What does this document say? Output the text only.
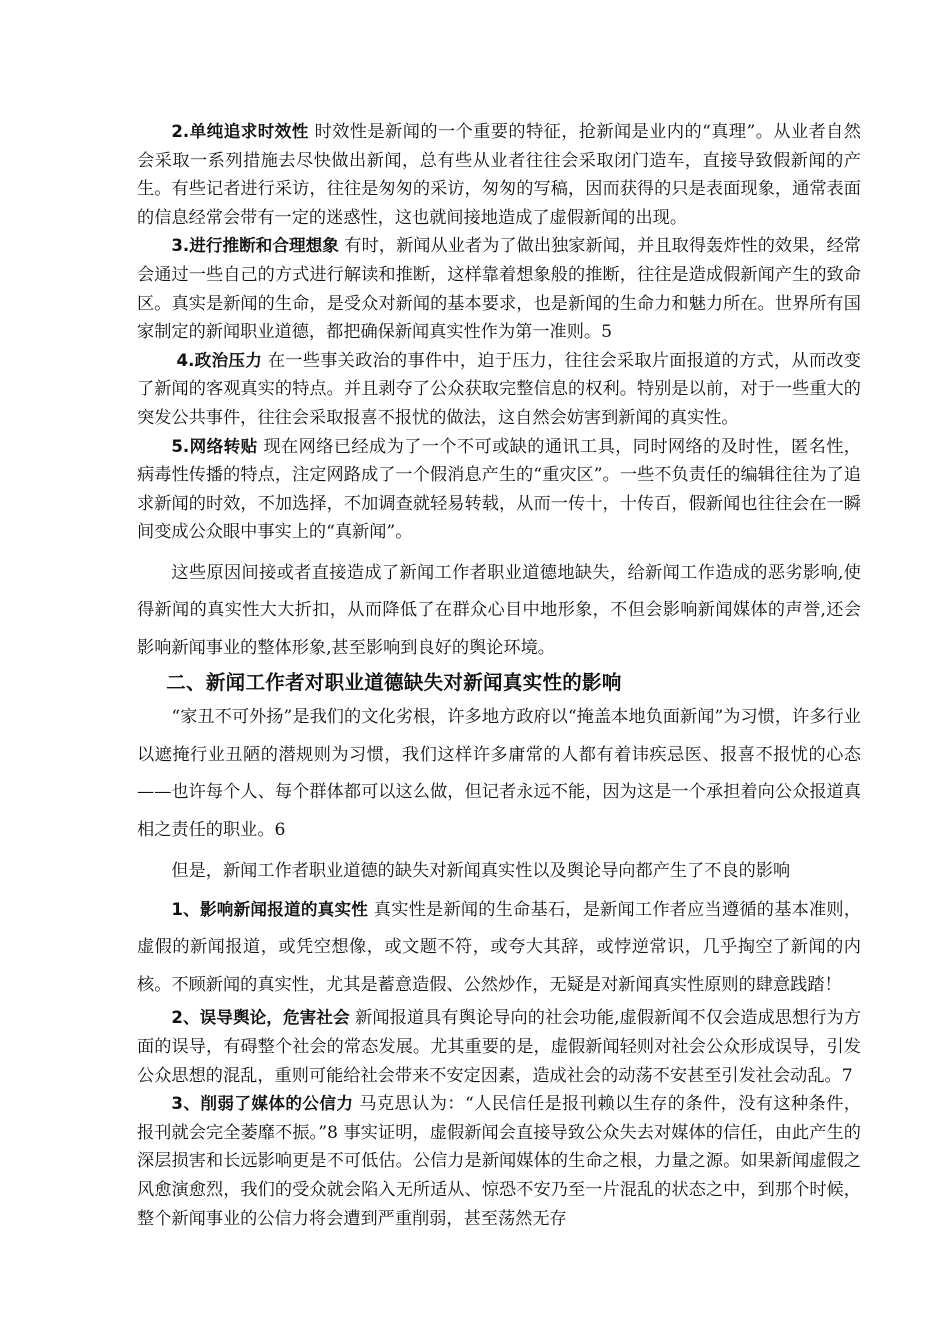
2.单纯追求时效性 时效性是新闻的一个重要的特征，抢新闻是业内的“真理”。从业者自然会采取一系列措施去尽快做出新闻，总有些从业者往往会采取闭门造车，直接导致假新闻的产生。有些记者进行采访，往往是匆匆的采访，匆匆的写稿，因而获得的只是表面现象，通常表面的信息经常会带有一定的迷惑性，这也就间接地造成了虚假新闻的出现。

3.进行推断和合理想象 有时，新闻从业者为了做出独家新闻，并且取得轰炸性的效果，经常会通过一些自己的方式进行解读和推断，这样靠着想象般的推断，往往是造成假新闻产生的致命区。真实是新闻的生命，是受众对新闻的基本要求，也是新闻的生命力和魅力所在。世界所有国家制定的新闻职业道德，都把确保新闻真实性作为第一准则。5

4.政治压力 在一些事关政治的事件中，迫于压力，往往会采取片面报道的方式，从而改变了新闻的客观真实的特点。并且剥夺了公众获取完整信息的权利。特别是以前，对于一些重大的突发公共事件，往往会采取报喜不报忧的做法，这自然会妨害到新闻的真实性。

5.网络转贴 现在网络已经成为了一个不可或缺的通讯工具，同时网络的及时性，匿名性，病毒性传播的特点，注定网路成了一个假消息产生的“重灾区”。一些不负责任的编辑往往为了追求新闻的时效，不加选择，不加调查就轻易转载，从而一传十，十传百，假新闻也往往会在一瞬间变成公众眼中事实上的“真新闻”。

这些原因间接或者直接造成了新闻工作者职业道德地缺失，给新闻工作造成的恶劣影响,使得新闻的真实性大大折扣，从而降低了在群众心目中地形象，不但会影响新闻媒体的声誉,还会影响新闻事业的整体形象,甚至影响到良好的舆论环境。

二、新闻工作者对职业道德缺失对新闻真实性的影响

“家丑不可外扬”是我们的文化劣根，许多地方政府以“掩盖本地负面新闻”为习惯，许多行业以遮掩行业丑陋的潜规则为习惯，我们这样许多庸常的人都有着讳疾忌医、报喜不报忧的心态——也许每个人、每个群体都可以这么做，但记者永远不能，因为这是一个承担着向公众报道真相之责任的职业。6

但是，新闻工作者职业道德的缺失对新闻真实性以及舆论导向都产生了不良的影响

1、影响新闻报道的真实性 真实性是新闻的生命基石，是新闻工作者应当遵循的基本准则，虚假的新闻报道，或凭空想像，或文题不符，或夸大其辞，或悖逆常识，几乎掏空了新闻的内核。不顾新闻的真实性，尤其是蓄意造假、公然炒作，无疑是对新闻真实性原则的肆意践踏！

2、误导舆论，危害社会 新闻报道具有舆论导向的社会功能,虚假新闻不仅会造成思想行为方面的误导，有碍整个社会的常态发展。尤其重要的是，虚假新闻轻则对社会公众形成误导，引发公众思想的混乱，重则可能给社会带来不安定因素，造成社会的动荡不安甚至引发社会动乱。7

3、削弱了媒体的公信力 马克思认为：“人民信任是报刊赖以生存的条件，没有这种条件，报刊就会完全萎靡不振。”8 事实证明，虚假新闻会直接导致公众失去对媒体的信任，由此产生的深层损害和长远影响更是不可低估。公信力是新闻媒体的生命之根，力量之源。如果新闻虚假之风愈演愈烈，我们的受众就会陷入无所适从、惊恐不安乃至一片混乱的状态之中，到那个时候，整个新闻事业的公信力将会遭到严重削弱，甚至荡然无存
